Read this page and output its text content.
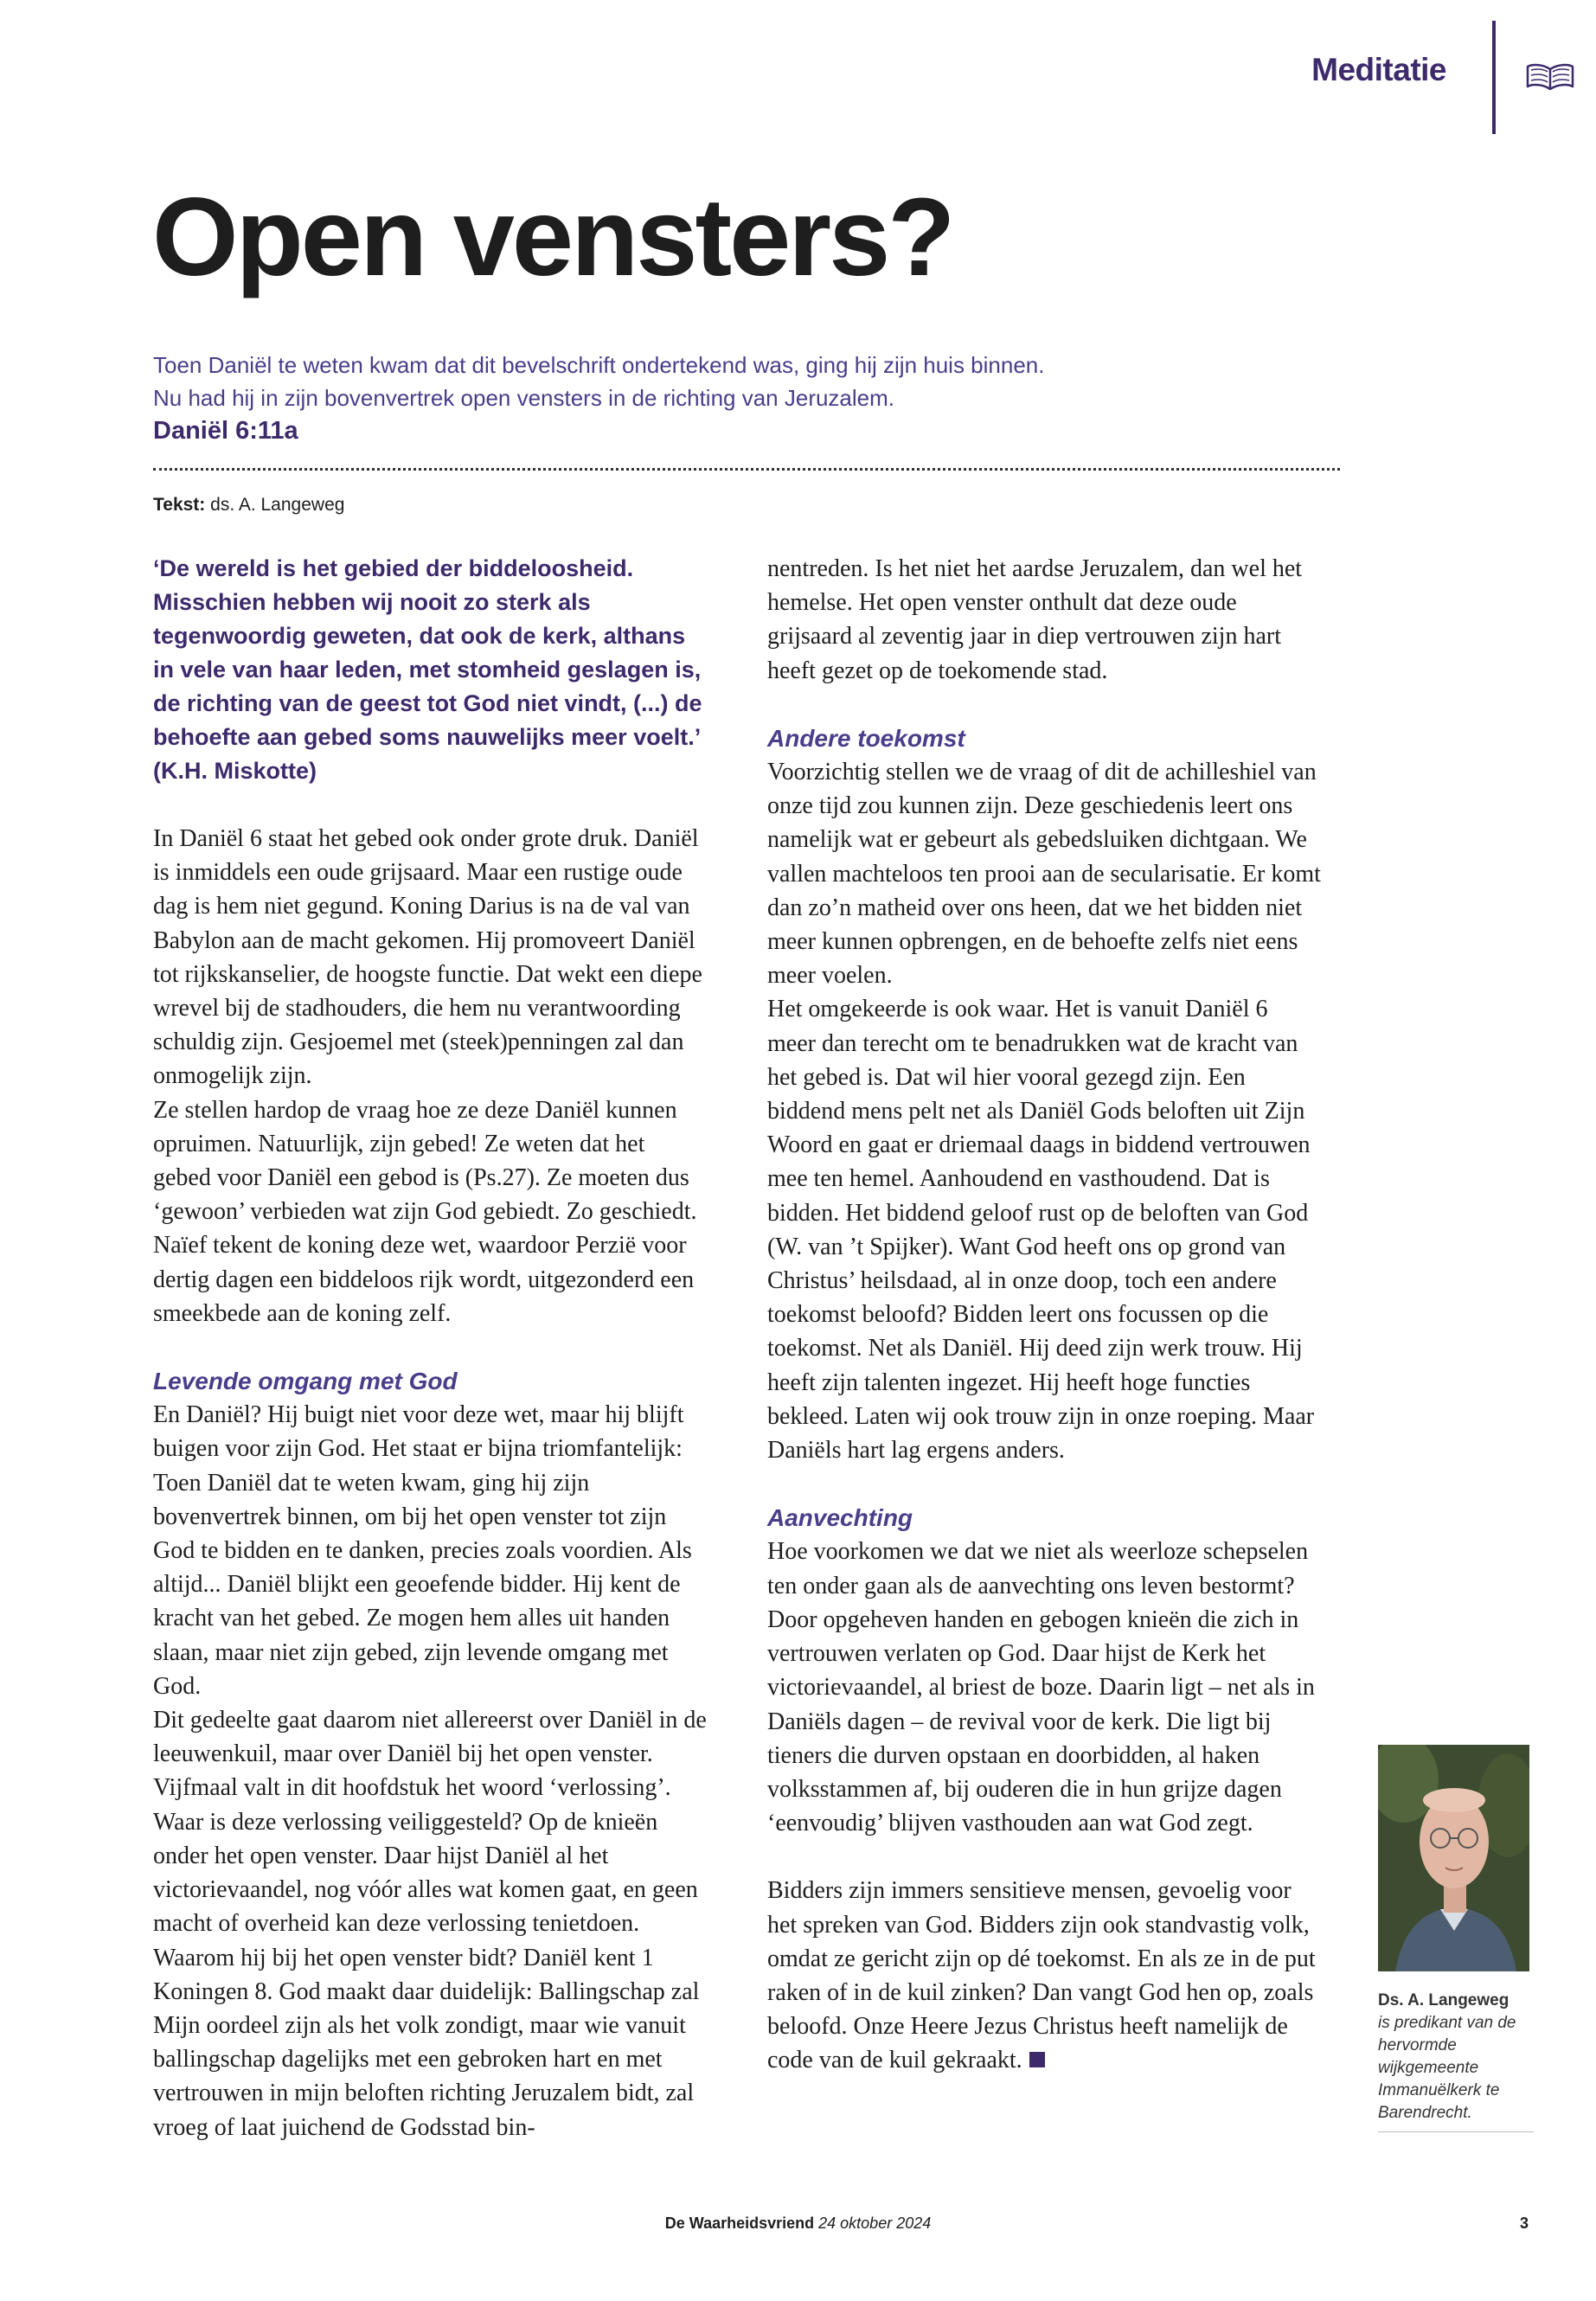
Meditatie
Open vensters?
Toen Daniël te weten kwam dat dit bevelschrift ondertekend was, ging hij zijn huis binnen.
Nu had hij in zijn bovenvertrek open vensters in de richting van Jeruzalem.
Daniël 6:11a
Tekst: ds. A. Langeweg

‘De wereld is het gebied der biddeloosheid. Misschien hebben wij nooit zo sterk als tegenwoordig geweten, dat ook de kerk, althans in vele van haar leden, met stomheid geslagen is, de richting van de geest tot God niet vindt, (...) de behoefte aan gebed soms nauwelijks meer voelt.’ (K.H. Miskotte)

In Daniël 6 staat het gebed ook onder grote druk. Daniël is inmiddels een oude grijsaard. Maar een rustige oude dag is hem niet gegund. Koning Darius is na de val van Babylon aan de macht gekomen. Hij promoveert Daniël tot rijkskanselier, de hoogste functie. Dat wekt een diepe wrevel bij de stadhouders, die hem nu verantwoording schuldig zijn. Gesjoemel met (steek)penningen zal dan onmogelijk zijn.

Ze stellen hardop de vraag hoe ze deze Daniël kunnen opruimen. Natuurlijk, zijn gebed! Ze weten dat het gebed voor Daniël een gebod is (Ps.27). Ze moeten dus ‘gewoon’ verbieden wat zijn God gebiedt. Zo geschiedt. Naïef tekent de koning deze wet, waardoor Perzië voor dertig dagen een biddeloos rijk wordt, uitgezonderd een smeekbede aan de koning zelf.

Levende omgang met God

En Daniël? Hij buigt niet voor deze wet, maar hij blijft buigen voor zijn God. Het staat er bijna triomfantelijk: Toen Daniël dat te weten kwam, ging hij zijn bovenvertrek binnen, om bij het open venster tot zijn God te bidden en te danken, precies zoals voordien. Als altijd... Daniël blijkt een geoefende bidder. Hij kent de kracht van het gebed. Ze mogen hem alles uit handen slaan, maar niet zijn gebed, zijn levende omgang met God.

Dit gedeelte gaat daarom niet allereerst over Daniël in de leeuwenkuil, maar over Daniël bij het open venster. Vijfmaal valt in dit hoofdstuk het woord ‘verlossing’. Waar is deze verlossing veiliggesteld? Op de knieën onder het open venster. Daar hijst Daniël al het victorievaandel, nog vóór alles wat komen gaat, en geen macht of overheid kan deze verlossing tenietdoen.

Waarom hij bij het open venster bidt? Daniël kent 1 Koningen 8. God maakt daar duidelijk: Ballingschap zal Mijn oordeel zijn als het volk zondigt, maar wie vanuit ballingschap dagelijks met een gebroken hart en met vertrouwen in mijn beloften richting Jeruzalem bidt, zal vroeg of laat juichend de Godsstad bin-

nentreden. Is het niet het aardse Jeruzalem, dan wel het hemelse. Het open venster onthult dat deze oude grijsaard al zeventig jaar in diep vertrouwen zijn hart heeft gezet op de toekomende stad.

Andere toekomst

Voorzichtig stellen we de vraag of dit de achilleshiel van onze tijd zou kunnen zijn. Deze geschiedenis leert ons namelijk wat er gebeurt als gebedsluiken dichtgaan. We vallen machteloos ten prooi aan de secularisatie. Er komt dan zo’n matheid over ons heen, dat we het bidden niet meer kunnen opbrengen, en de behoefte zelfs niet eens meer voelen.

Het omgekeerde is ook waar. Het is vanuit Daniël 6 meer dan terecht om te benadrukken wat de kracht van het gebed is. Dat wil hier vooral gezegd zijn. Een biddend mens pelt net als Daniël Gods beloften uit Zijn Woord en gaat er driemaal daags in biddend vertrouwen mee ten hemel. Aanhoudend en vasthoudend. Dat is bidden. Het biddend geloof rust op de beloften van God (W. van ’t Spijker). Want God heeft ons op grond van Christus’ heilsdaad, al in onze doop, toch een andere toekomst beloofd? Bidden leert ons focussen op die toekomst. Net als Daniël. Hij deed zijn werk trouw. Hij heeft zijn talenten ingezet. Hij heeft hoge functies bekleed. Laten wij ook trouw zijn in onze roeping. Maar Daniëls hart lag ergens anders.

Aanvechting

Hoe voorkomen we dat we niet als weerloze schepselen ten onder gaan als de aanvechting ons leven bestormt? Door opgeheven handen en gebogen knieën die zich in vertrouwen verlaten op God. Daar hijst de Kerk het victorievaandel, al briest de boze. Daarin ligt – net als in Daniëls dagen – de revival voor de kerk. Die ligt bij tieners die durven opstaan en doorbidden, al haken volksstammen af, bij ouderen die in hun grijze dagen ‘eenvoudig’ blijven vasthouden aan wat God zegt.

Bidders zijn immers sensitieve mensen, gevoelig voor het spreken van God. Bidders zijn ook standvastig volk, omdat ze gericht zijn op dé toekomst. En als ze in de put raken of in de kuil zinken? Dan vangt God hen op, zoals beloofd. Onze Heere Jezus Christus heeft namelijk de code van de kuil gekraakt.

Ds. A. Langeweg
is predikant van de hervormde wijkgemeente Immanuëlkerk te Barendrecht.
De Waarheidsvriend 24 oktober 2024	3
